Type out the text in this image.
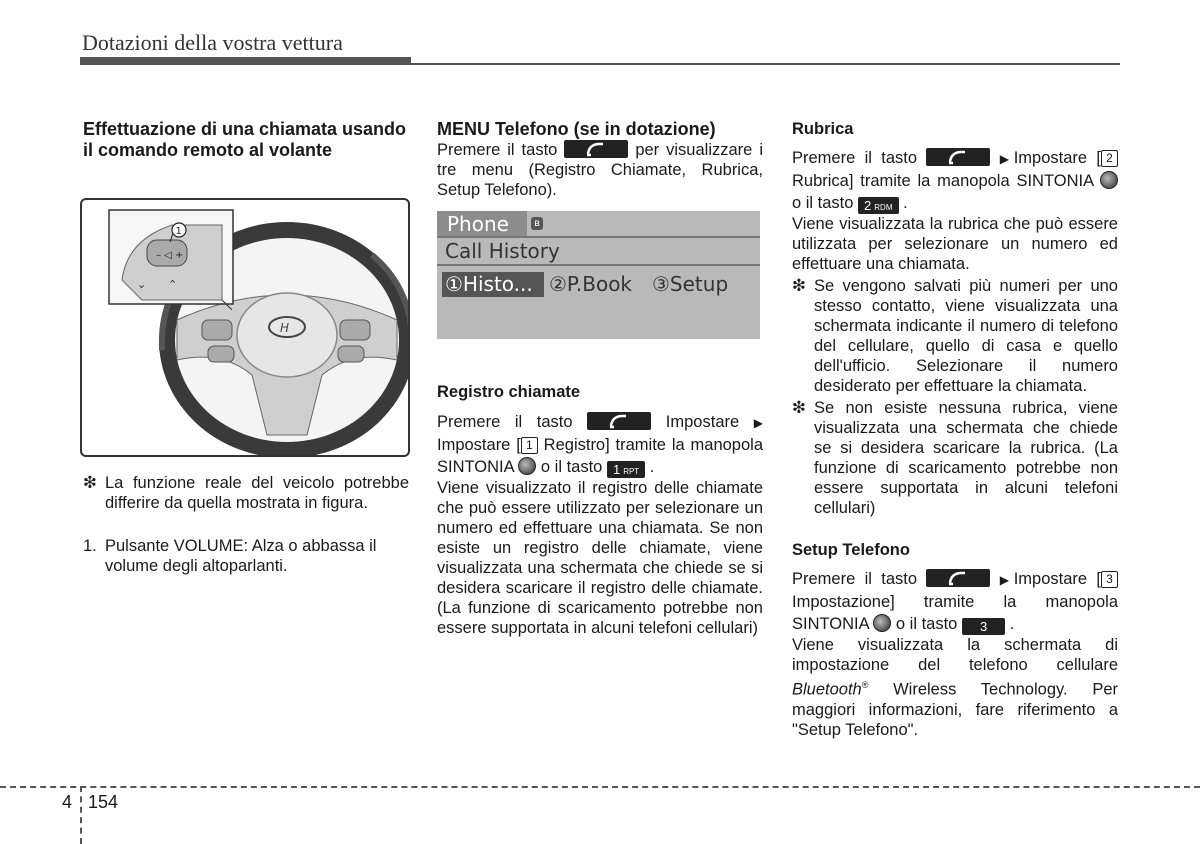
Dotazioni della vostra vettura
Effettuazione di una chiamata usando il comando remoto al volante
H
– ◁ +
⌄ ⌃
1
❇ La funzione reale del veicolo potrebbe differire da quella mostrata in figura.
1. Pulsante VOLUME: Alza o abbassa il volume degli altoparlanti.
MENU Telefono (se in dotazione)

Premere il tasto	per visualizzare i tre menu (Registro Chiamate, Rubrica, Setup Telefono).

Phone	ʙ
Call History
①Histo... ②P.Book ③Setup
Registro chiamate

Premere il tasto	Impostare ▶ Impostare [ 1 Registro] tramite la manopola SINTONIA o il tasto 1 RPT .

Viene visualizzato il registro delle chiamate che può essere utilizzato per selezionare un numero ed effettuare una chiamata. Se non esiste un registro delle chiamate, viene visualizzata una schermata che chiede se si desidera scaricare il registro delle chiamate. (La funzione di scaricamento potrebbe non essere supportata in alcuni telefoni cellulari)

Rubrica

Premere il tasto	▶Impostare [ 2 Rubrica] tramite la manopola SINTONIA  o il tasto 2 RDM .

Viene visualizzata la rubrica che può essere utilizzata per selezionare un numero ed effettuare una chiamata.

❇ Se vengono salvati più numeri per uno stesso contatto, viene visualizzata una schermata indicante il numero di telefono del cellulare, quello di casa e quello dell'ufficio. Selezionare il numero desiderato per effettuare la chiamata.
❇ Se non esiste nessuna rubrica, viene visualizzata una schermata che chiede se si desidera scaricare la rubrica. (La funzione di scaricamento potrebbe non essere supportata in alcuni telefoni cellulari)
Setup Telefono

Premere il tasto	▶Impostare [ 3 Impostazione] tramite la manopola SINTONIA o il tasto 3 .

Viene visualizzata la schermata di impostazione del telefono cellulare Bluetooth® Wireless Technology. Per maggiori informazioni, fare riferimento a "Setup Telefono".

4 154
